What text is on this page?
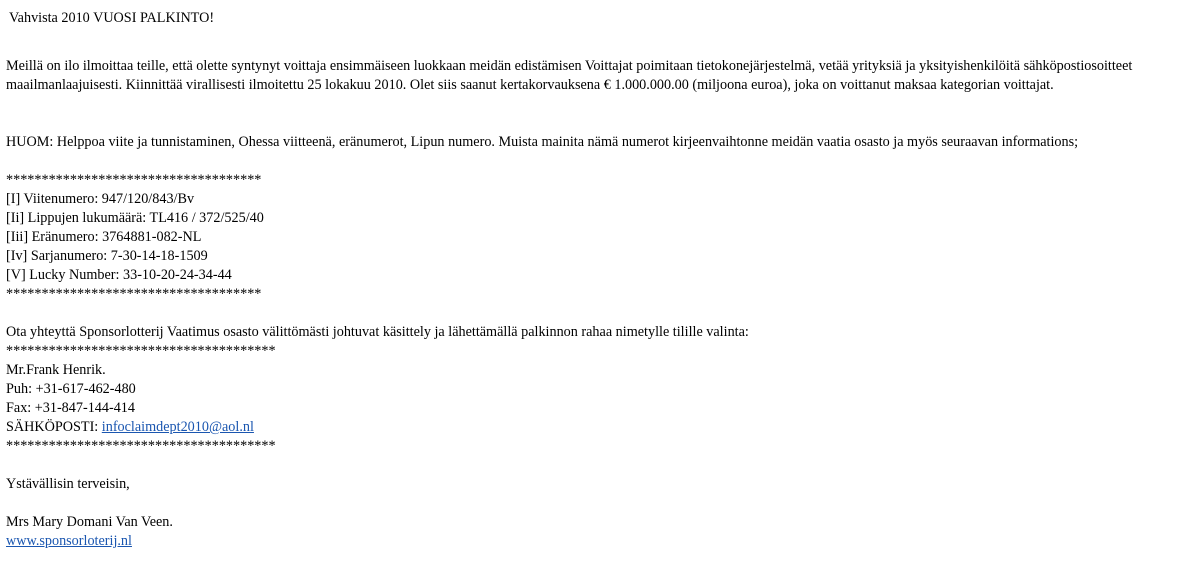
Vahvista 2010 VUOSI PALKINTO!
Meillä on ilo ilmoittaa teille, että olette syntynyt voittaja ensimmäiseen luokkaan meidän edistämisen Voittajat poimitaan tietokonejärjestelmä, vetää yrityksiä ja yksityishenkilöitä sähköpostiosoitteet maailmanlaajuisesti. Kiinnittää virallisesti ilmoitettu 25 lokakuu 2010. Olet siis saanut kertakorvauksena € 1.000.000.00 (miljoona euroa), joka on voittanut maksaa kategorian voittajat.
HUOM: Helppoa viite ja tunnistaminen, Ohessa viitteenä, eränumerot, Lipun numero. Muista mainita nämä numerot kirjeenvaihtonne meidän vaatia osasto ja myös seuraavan informations;
************************************
[I] Viitenumero: 947/120/843/Bv
[Ii] Lippujen lukumäärä: TL416 / 372/525/40
[Iii] Eränumero: 3764881-082-NL
[Iv] Sarjanumero: 7-30-14-18-1509
[V] Lucky Number: 33-10-20-24-34-44
************************************
Ota yhteyttä Sponsorlotterij Vaatimus osasto välittömästi johtuvat käsittely ja lähettämällä palkinnon rahaa nimetylle tilille valinta:
**************************************
Mr.Frank Henrik.
Puh: +31-617-462-480
Fax: +31-847-144-414
SÄHKÖPOSTI: infoclaimdept2010@aol.nl
**************************************
Ystävällisin terveisin,
Mrs Mary Domani Van Veen.
www.sponsorloterij.nl
